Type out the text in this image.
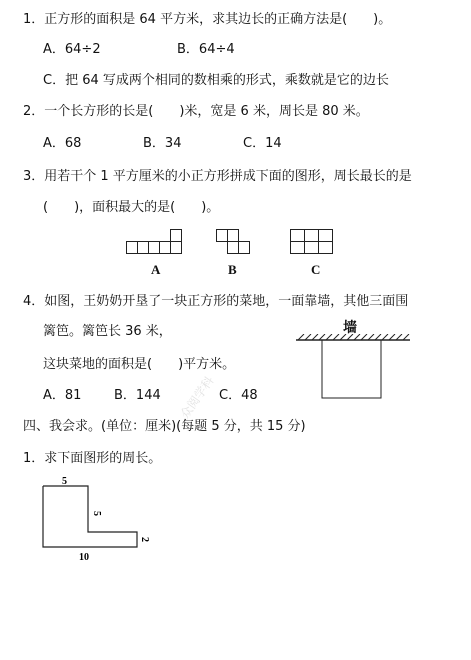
1．正方形的面积是 64 平方米，求其边长的正确方法是(　　)。
A．64÷2	B．64÷4
C．把 64 写成两个相同的数相乘的形式，乘数就是它的边长
2．一个长方形的长是(　　)米，宽是 6 米，周长是 80 米。
A．68	B．34	C．14
3．用若干个 1 平方厘米的小正方形拼成下面的图形，周长最长的是
(　　)，面积最大的是(　　)。
A	B	C
4．如图，王奶奶开垦了一块正方形的菜地，一面靠墙，其他三面围
篱笆。篱笆长 36 米，
这块菜地的面积是(　　)平方米。
A．81	B．144	C．48
墙
众阅学科
四、我会求。(单位：厘米)(每题 5 分，共 15 分)
1．求下面图形的周长。
5
5
2
10
